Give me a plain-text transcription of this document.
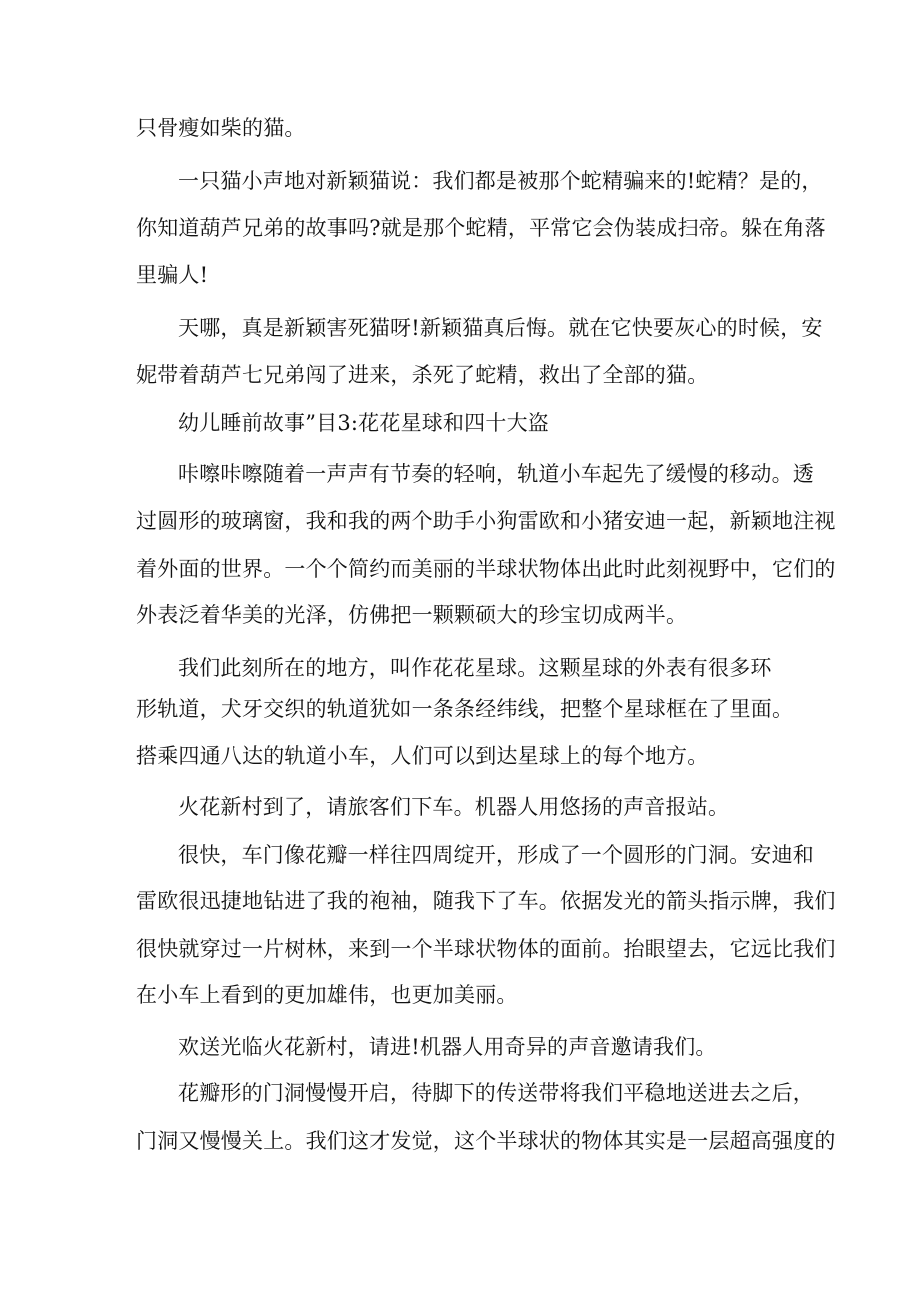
只骨瘦如柴的猫。
一只猫小声地对新颖猫说：我们都是被那个蛇精骗来的!蛇精？是的，
你知道葫芦兄弟的故事吗?就是那个蛇精，平常它会伪装成扫帝。躲在角落
里骗人!
天哪，真是新颖害死猫呀!新颖猫真后悔。就在它快要灰心的时候，安
妮带着葫芦七兄弟闯了进来，杀死了蛇精，救出了全部的猫。
幼儿睡前故事”目3:花花星球和四十大盗
咔嚓咔嚓随着一声声有节奏的轻响，轨道小车起先了缓慢的移动。透
过圆形的玻璃窗，我和我的两个助手小狗雷欧和小猪安迪一起，新颖地注视
着外面的世界。一个个简约而美丽的半球状物体出此时此刻视野中，它们的
外表泛着华美的光泽，仿佛把一颗颗硕大的珍宝切成两半。
我们此刻所在的地方，叫作花花星球。这颗星球的外表有很多环
形轨道，犬牙交织的轨道犹如一条条经纬线，把整个星球框在了里面。
搭乘四通八达的轨道小车，人们可以到达星球上的每个地方。
火花新村到了，请旅客们下车。机器人用悠扬的声音报站。
很快，车门像花瓣一样往四周绽开，形成了一个圆形的门洞。安迪和
雷欧很迅捷地钻进了我的袍袖，随我下了车。依据发光的箭头指示牌，我们
很快就穿过一片树林，来到一个半球状物体的面前。抬眼望去，它远比我们
在小车上看到的更加雄伟，也更加美丽。
欢送光临火花新村，请进!机器人用奇异的声音邀请我们。
花瓣形的门洞慢慢开启，待脚下的传送带将我们平稳地送进去之后，
门洞又慢慢关上。我们这才发觉，这个半球状的物体其实是一层超高强度的
